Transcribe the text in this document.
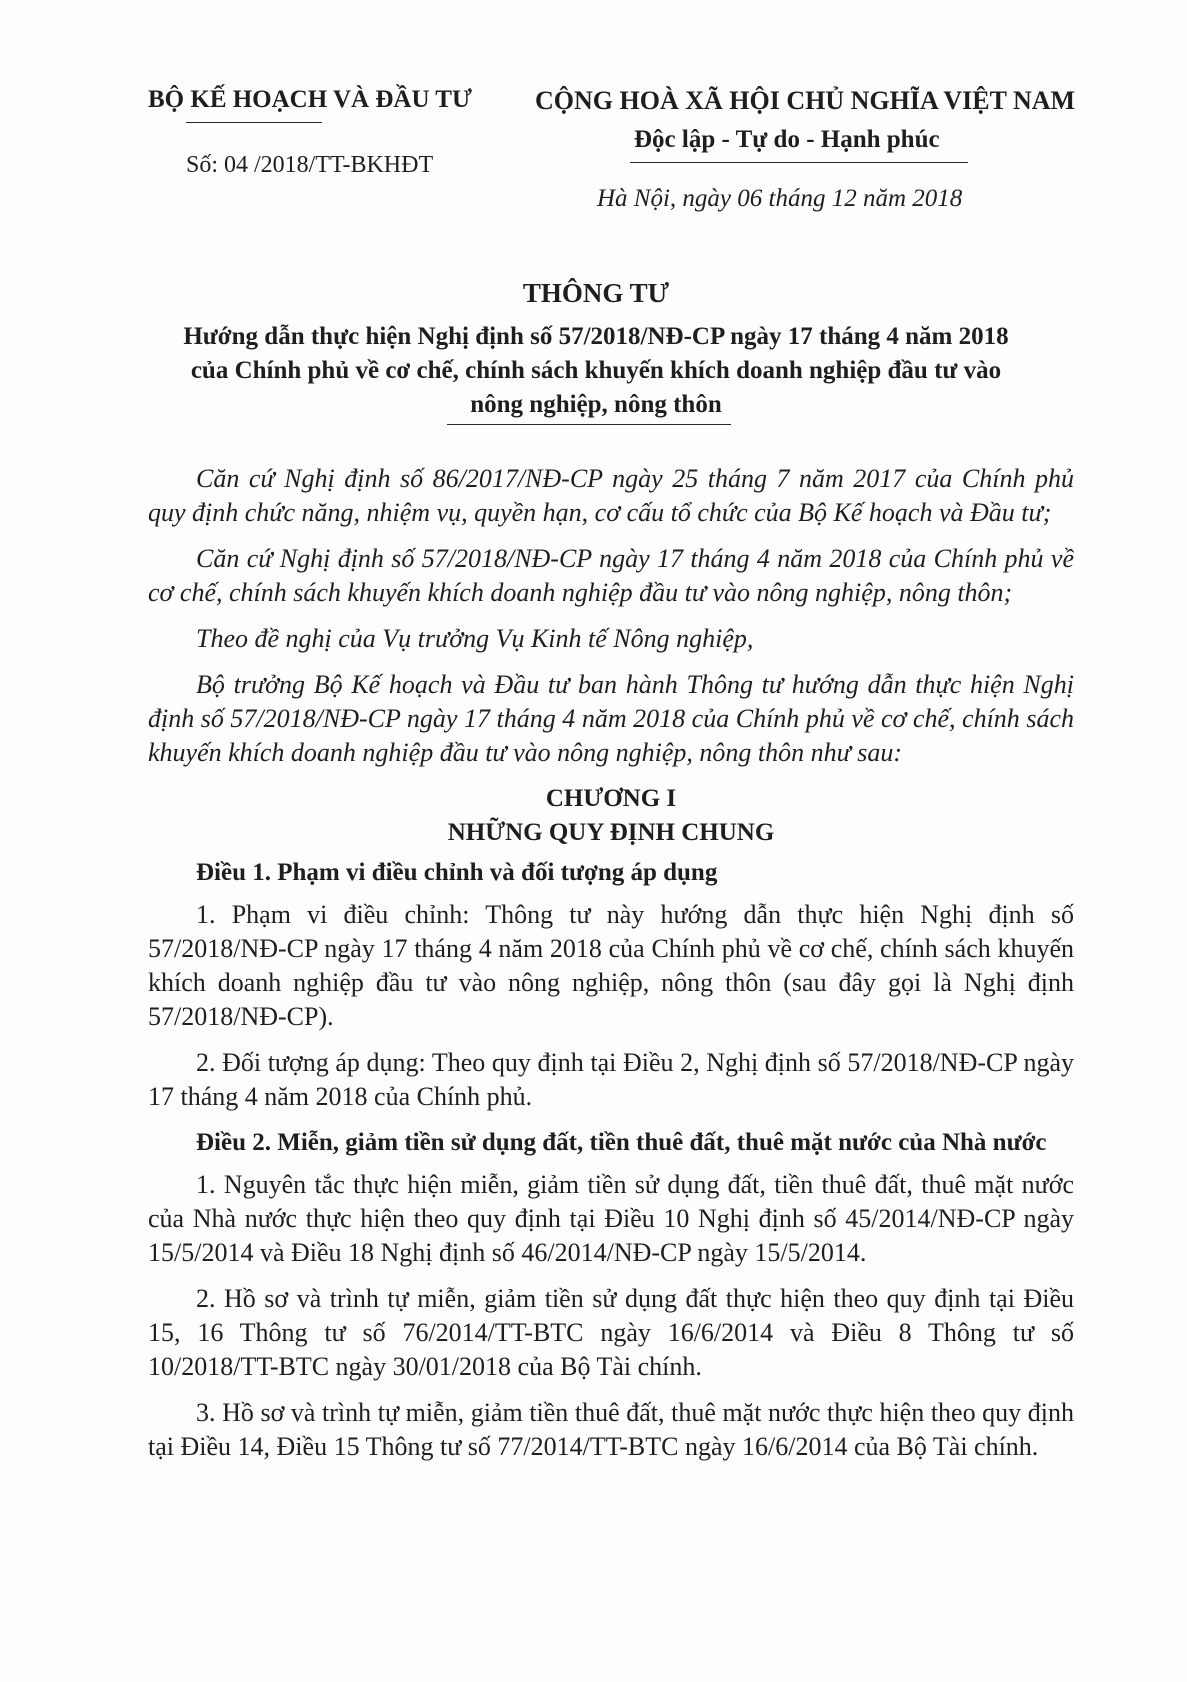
BỘ KẾ HOẠCH VÀ ĐẦU TƯ
Số: 04 /2018/TT-BKHĐT
CỘNG HOÀ XÃ HỘI CHỦ NGHĨA VIỆT NAM
Độc lập - Tự do - Hạnh phúc
Hà Nội, ngày 06 tháng 12 năm 2018
THÔNG TƯ
Hướng dẫn thực hiện Nghị định số 57/2018/NĐ-CP ngày 17 tháng 4 năm 2018
của Chính phủ về cơ chế, chính sách khuyến khích doanh nghiệp đầu tư vào
nông nghiệp, nông thôn

Căn cứ Nghị định số 86/2017/NĐ-CP ngày 25 tháng 7 năm 2017 của Chính phủ quy định chức năng, nhiệm vụ, quyền hạn, cơ cấu tổ chức của Bộ Kế hoạch và Đầu tư;

Căn cứ Nghị định số 57/2018/NĐ-CP ngày 17 tháng 4 năm 2018 của Chính phủ về cơ chế, chính sách khuyến khích doanh nghiệp đầu tư vào nông nghiệp, nông thôn;

Theo đề nghị của Vụ trưởng Vụ Kinh tế Nông nghiệp,

Bộ trưởng Bộ Kế hoạch và Đầu tư ban hành Thông tư hướng dẫn thực hiện Nghị định số 57/2018/NĐ-CP ngày 17 tháng 4 năm 2018 của Chính phủ về cơ chế, chính sách khuyến khích doanh nghiệp đầu tư vào nông nghiệp, nông thôn như sau:

CHƯƠNG I
NHỮNG QUY ĐỊNH CHUNG

Điều 1. Phạm vi điều chỉnh và đối tượng áp dụng

1. Phạm vi điều chỉnh: Thông tư này hướng dẫn thực hiện Nghị định số 57/2018/NĐ-CP ngày 17 tháng 4 năm 2018 của Chính phủ về cơ chế, chính sách khuyến khích doanh nghiệp đầu tư vào nông nghiệp, nông thôn (sau đây gọi là Nghị định 57/2018/NĐ-CP).

2. Đối tượng áp dụng: Theo quy định tại Điều 2, Nghị định số 57/2018/NĐ-CP ngày 17 tháng 4 năm 2018 của Chính phủ.

Điều 2. Miễn, giảm tiền sử dụng đất, tiền thuê đất, thuê mặt nước của Nhà nước

1. Nguyên tắc thực hiện miễn, giảm tiền sử dụng đất, tiền thuê đất, thuê mặt nước của Nhà nước thực hiện theo quy định tại Điều 10 Nghị định số 45/2014/NĐ-CP ngày 15/5/2014 và Điều 18 Nghị định số 46/2014/NĐ-CP ngày 15/5/2014.

2. Hồ sơ và trình tự miễn, giảm tiền sử dụng đất thực hiện theo quy định tại Điều 15, 16 Thông tư số 76/2014/TT-BTC ngày 16/6/2014 và Điều 8 Thông tư số 10/2018/TT-BTC ngày 30/01/2018 của Bộ Tài chính.

3. Hồ sơ và trình tự miễn, giảm tiền thuê đất, thuê mặt nước thực hiện theo quy định tại Điều 14, Điều 15 Thông tư số 77/2014/TT-BTC ngày 16/6/2014 của Bộ Tài chính.
